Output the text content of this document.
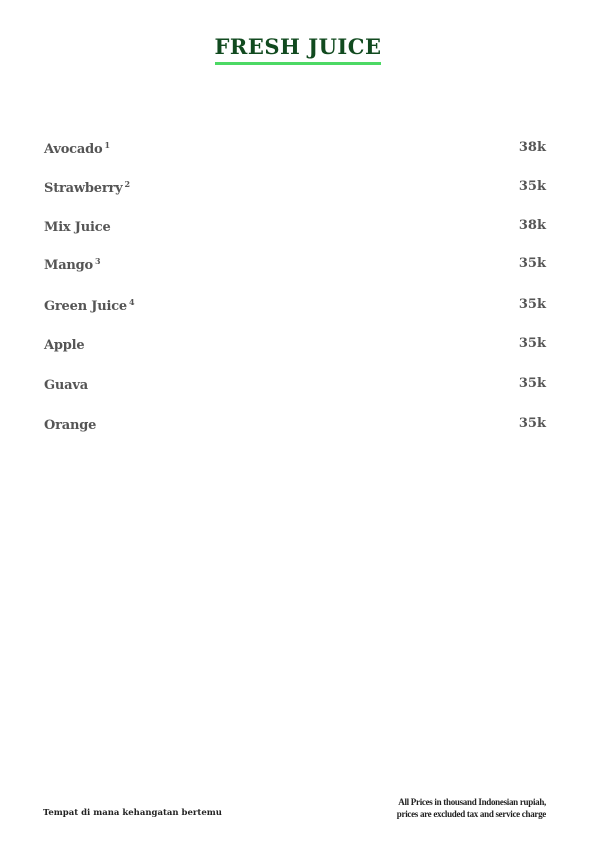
FRESH JUICE
Avocado $^1$	38k
Strawberry $^2$	35k
Mix Juice	38k
Mango $^3$	35k
Green Juice $^4$	35k
Apple	35k
Guava	35k
Orange	35k
Tempat di mana kehangatan bertemu
All Prices in thousand Indonesian rupiah,
prices are excluded tax and service charge
